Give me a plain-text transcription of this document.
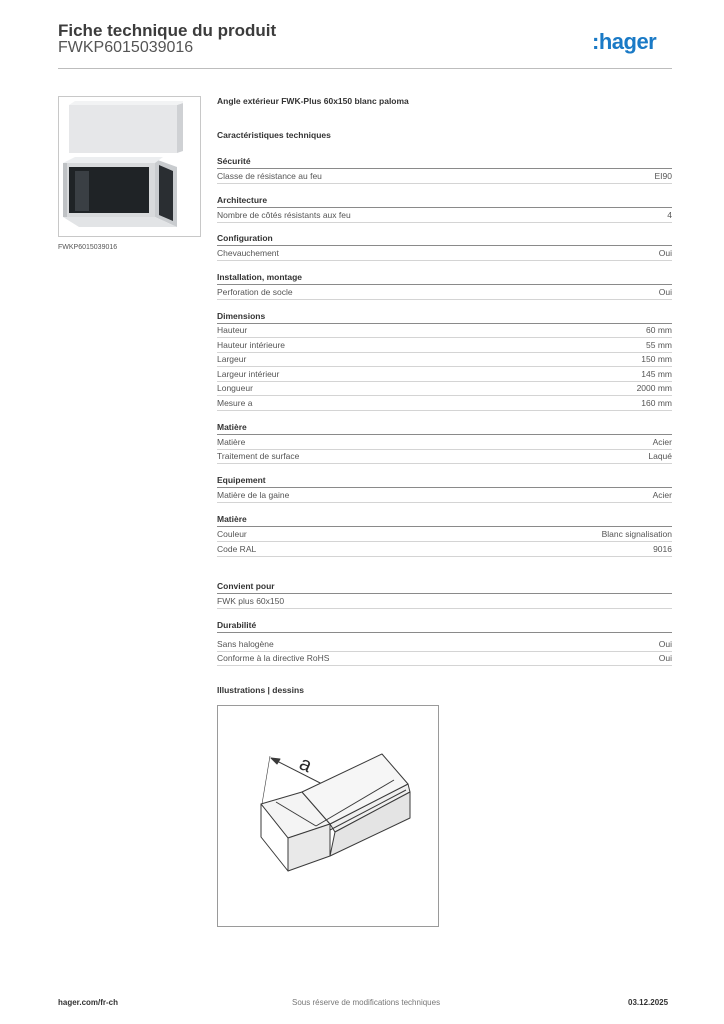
Fiche technique du produit
FWKP6015039016	:hager
FWKP6015039016
Angle extérieur FWK-Plus 60x150 blanc paloma
Caractéristiques techniques
Sécurité
Classe de résistance au feu	EI90
Architecture
Nombre de côtés résistants aux feu	4
Configuration
Chevauchement	Oui
Installation, montage
Perforation de socle	Oui
Dimensions
Hauteur	60 mm
Hauteur intérieure	55 mm
Largeur	150 mm
Largeur intérieur	145 mm
Longueur	2000 mm
Mesure a	160 mm
Matière
Matière	Acier
Traitement de surface	Laqué
Equipement
Matière de la gaine	Acier
Matière
Couleur	Blanc signalisation
Code RAL	9016
Convient pour
FWK plus 60x150
Durabilité
Sans halogène	Oui
Conforme à la directive RoHS	Oui
Illustrations | dessins
a
hager.com/fr-ch	Sous réserve de modifications techniques	03.12.2025
